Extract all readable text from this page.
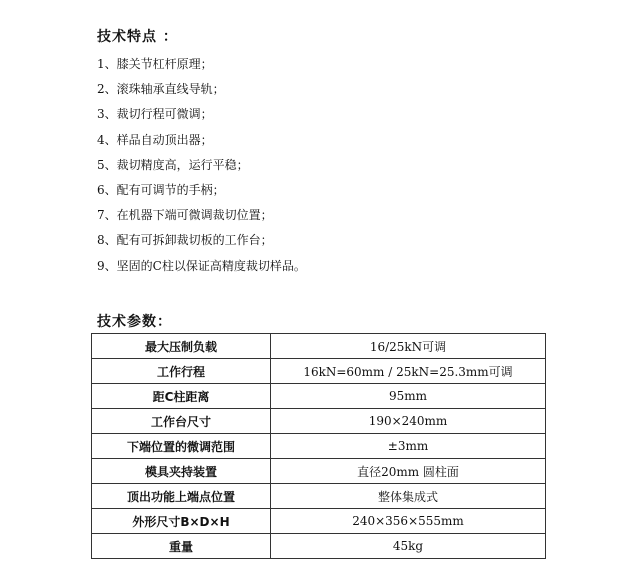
技术特点 ：
1、膝关节杠杆原理；
2、滚珠轴承直线导轨；
3、裁切行程可微调；
4、样品自动顶出器；
5、裁切精度高，运行平稳；
6、配有可调节的手柄；
7、在机器下端可微调裁切位置；
8、配有可拆卸裁切板的工作台；
9、坚固的C柱以保证高精度裁切样品。
技术参数：
最大压制负载	16/25kN可调
工作行程	16kN=60mm / 25kN=25.3mm可调
距C柱距离	95mm
工作台尺寸	190×240mm
下端位置的微调范围	±3mm
模具夹持装置	直径20mm 圆柱面
顶出功能上端点位置	整体集成式
外形尺寸B×D×H	240×356×555mm
重量	45kg
